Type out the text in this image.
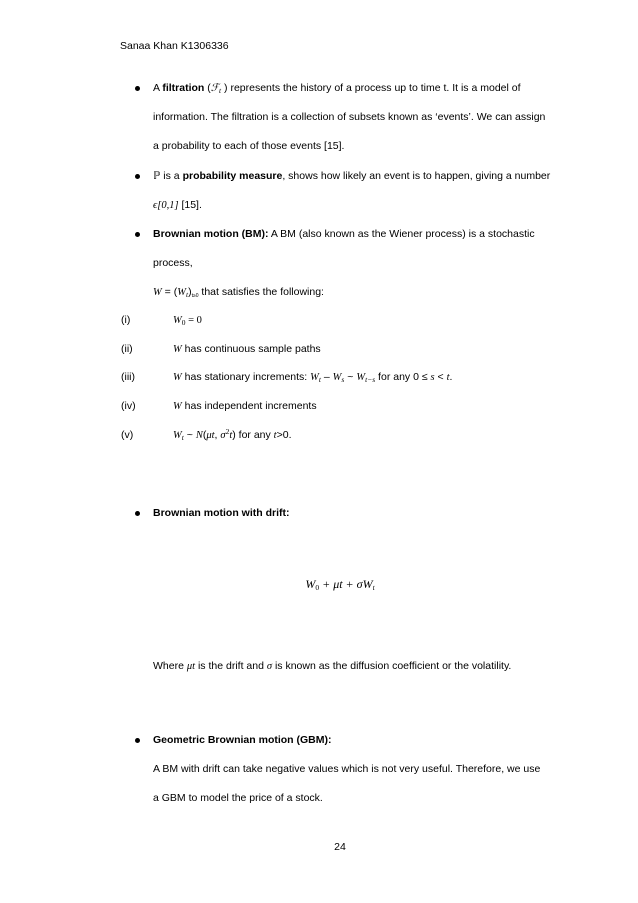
Sanaa Khan K1306336
A filtration (ℱ$_t$ ) represents the history of a process up to time t. It is a model of
information. The filtration is a collection of subsets known as ‘events’. We can assign
a probability to each of those events [15].
ℙ is a probability measure, shows how likely an event is to happen, giving a number
ϵ[0,1] [15].
Brownian motion (BM): A BM (also known as the Wiener process) is a stochastic
process,
$W = (W_t)t\ge 0$ that satisfies the following:
(i)	$W_0 = 0$
(ii)	W has continuous sample paths
(iii)	W has stationary increments: $W_t - W_s$ ~ $W_{t-s}$ for any 0 ≤ s < t.
(iv)	W has independent increments
(v)	$W_t$ ~ N(μt, $\sigma^2t$) for any t>0.
Brownian motion with drift:
$W_0 + \mu t + \sigma W_t$
Where μt is the drift and σ is known as the diffusion coefficient or the volatility.
Geometric Brownian motion (GBM):
A BM with drift can take negative values which is not very useful. Therefore, we use
a GBM to model the price of a stock.
24
